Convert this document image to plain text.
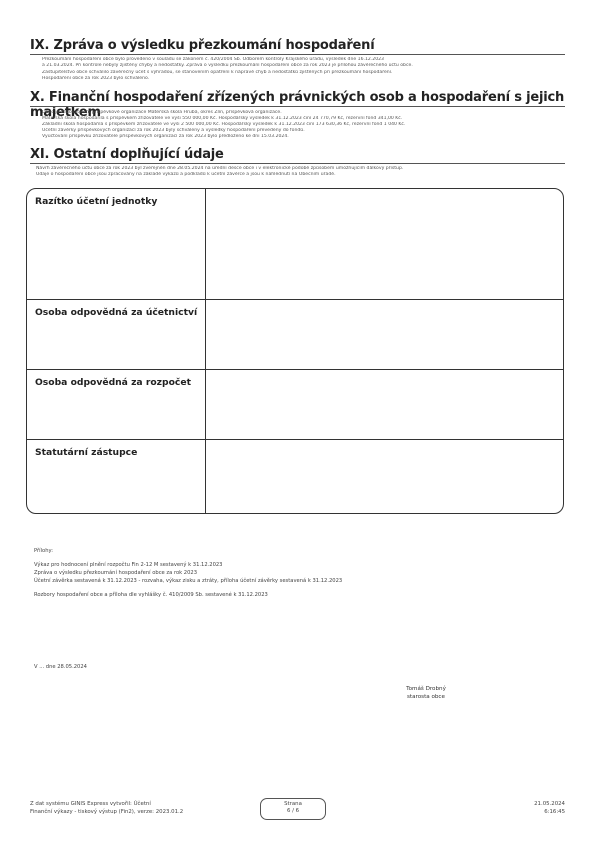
IX. Zpráva o výsledku přezkoumání hospodaření
Přezkoumání hospodaření obce bylo provedeno v souladu se zákonem č. 420/2004 Sb. Odborem kontroly Krajského úřadu, výsledek dne 16.12.2023
a 21.03.2024. Při kontrole nebyly zjištěny chyby a nedostatky. Zpráva o výsledku přezkoumání hospodaření obce za rok 2023 je přílohou závěrečného účtu obce.
Zastupitelstvo obce schválilo závěrečný účet s výhradou, se stanovením opatření k nápravě chyb a nedostatků zjištěných při přezkoumání hospodaření.
Hospodaření obce za rok 2023 bylo schváleno.
X. Finanční hospodaření zřízených právnických osob a hospodaření s jejich majetkem
Obec je zřizovatelem příspěvkové organizace Mateřská škola Hrubá, okres Zlín, příspěvková organizace.
Mateřská škola hospodařila s příspěvkem zřizovatele ve výši 550 000,00 Kč. Hospodářský výsledek k 31.12.2023 činí 24 770,79 Kč, rezervní fond 341,00 Kč.
Základní škola hospodařila s příspěvkem zřizovatele ve výši 2 500 000,00 Kč. Hospodářský výsledek k 31.12.2023 činí 173 630,36 Kč, rezervní fond 1 040 Kč.
Účetní závěrky příspěvkových organizací za rok 2023 byly schváleny a výsledky hospodaření převedeny do fondů.
Vyúčtování příspěvku zřizovatele příspěvkových organizací za rok 2023 bylo předloženo ke dni 15.03.2024.
XI. Ostatní doplňující údaje
Návrh závěrečného účtu obce za rok 2023 byl zveřejněn dne 28.05.2024 na úřední desce obce i v elektronické podobě způsobem umožňujícím dálkový přístup.
Údaje o hospodaření obce jsou zpracovány na základě výkazů a podkladů k účetní závěrce a jsou k nahlédnutí na Obecním úřadě.
Razítko účetní jednotky
Osoba odpovědná za účetnictví
Osoba odpovědná za rozpočet
Statutární zástupce
Přílohy:
Výkaz pro hodnocení plnění rozpočtu Fin 2-12 M sestavený k 31.12.2023
Zpráva o výsledku přezkoumání hospodaření obce za rok 2023
Účetní závěrka sestavená k 31.12.2023 - rozvaha, výkaz zisku a ztráty, příloha účetní závěrky sestavená k 31.12.2023
Rozbory hospodaření obce a příloha dle vyhlášky č. 410/2009 Sb. sestavené k 31.12.2023
V ... dne 28.05.2024
Tomáš Drobný
starosta obce
Z dat systému GINIS Express vytvořil: Účetní
Finanční výkazy - tiskový výstup (Fin2), verze: 2023.01.2
Strana
6 / 6
21.05.2024
6:16:45
